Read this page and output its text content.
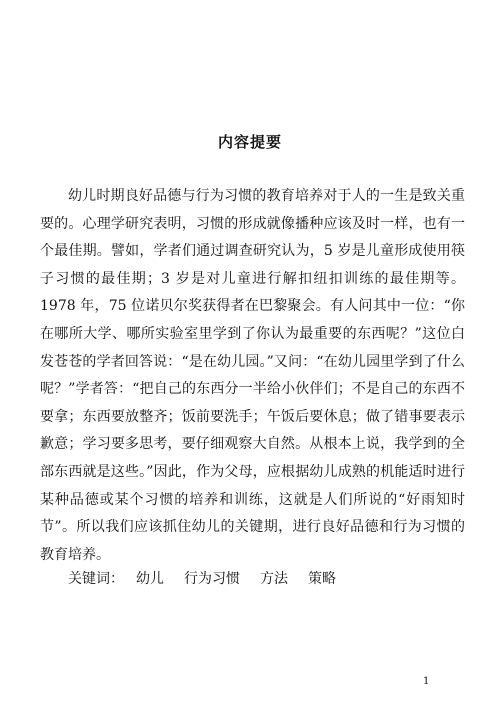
内容提要

幼儿时期良好品德与行为习惯的教育培养对于人的一生是致关重要的。心理学研究表明，习惯的形成就像播种应该及时一样，也有一个最佳期。譬如，学者们通过调查研究认为，5 岁是儿童形成使用筷子习惯的最佳期；3 岁是对儿童进行解扣纽扣训练的最佳期等。1978 年，75 位诺贝尔奖获得者在巴黎聚会。有人问其中一位：“你在哪所大学、哪所实验室里学到了你认为最重要的东西呢？”这位白发苍苍的学者回答说：“是在幼儿园。”又问：“在幼儿园里学到了什么呢？”学者答：“把自己的东西分一半给小伙伴们；不是自己的东西不要拿；东西要放整齐；饭前要洗手；午饭后要休息；做了错事要表示歉意；学习要多思考，要仔细观察大自然。从根本上说，我学到的全部东西就是这些。”因此，作为父母，应根据幼儿成熟的机能适时进行某种品德或某个习惯的培养和训练，这就是人们所说的“好雨知时节”。所以我们应该抓住幼儿的关键期，进行良好品德和行为习惯的教育培养。

关键词： 幼儿 行为习惯 方法 策略
1
